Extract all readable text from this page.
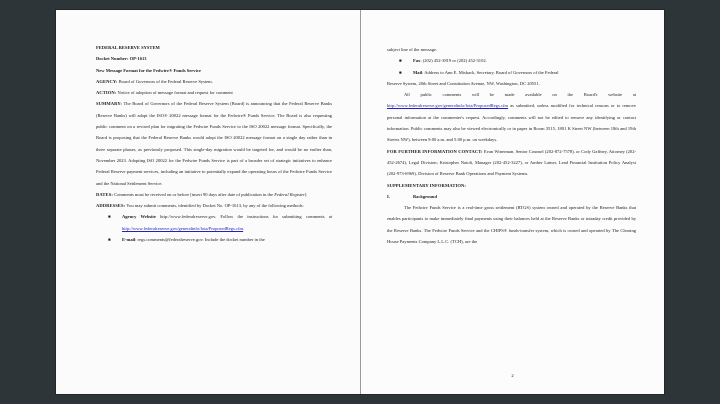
FEDERAL RESERVE SYSTEM

Docket Number: OP-1613

New Message Format for the Fedwire® Funds Service

AGENCY: Board of Governors of the Federal Reserve System.

ACTION: Notice of adoption of message format and request for comment

SUMMARY: The Board of Governors of the Federal Reserve System (Board) is announcing that the Federal Reserve Banks (Reserve Banks) will adopt the ISO® 20022 message format for the Fedwire® Funds Service. The Board is also requesting public comment on a revised plan for migrating the Fedwire Funds Service to the ISO 20022 message format. Specifically, the Board is proposing that the Federal Reserve Banks would adopt the ISO 20022 message format on a single day rather than in three separate phases, as previously proposed. This single-day migration would be targeted for, and would be no earlier than, November 2023. Adopting ISO 20022 for the Fedwire Funds Service is part of a broader set of strategic initiatives to enhance Federal Reserve payment services, including an initiative to potentially expand the operating hours of the Fedwire Funds Service and the National Settlement Service.

DATES: Comments must be received on or before [insert 90 days after date of publication in the Federal Register].

ADDRESSES: You may submit comments, identified by Docket No. OP-1613, by any of the following methods:

■ Agency Website http://www.federalreserve.gov. Follow the instructions for submitting comments at http://www.federalreserve.gov/generalinfo/foia/ProposedRegs.cfm.

■ E-mail: regs.comments@federalreserve.gov. Include the docket number in the

subject line of the message.

■ Fax: (202) 452-3819 or (202) 452-3102.

■ Mail: Address to Ann E. Misback, Secretary, Board of Governors of the Federal

Reserve System, 20th Street and Constitution Avenue, NW, Washington, DC 20551.

All public comments will be made available on the Board's website at http://www.federalreserve.gov/generalinfo/foia/ProposedRegs.cfm as submitted, unless modified for technical reasons or to remove personal information at the commenter's request. Accordingly, comments will not be edited to remove any identifying or contact information. Public comments may also be viewed electronically or in paper in Room 3515, 1801 K Street NW (between 18th and 19th Streets NW), between 9:00 a.m. and 5:00 p.m. on weekdays.

FOR FURTHER INFORMATION CONTACT: Evan Winerman, Senior Counsel (202-872-7578), or Cody Gaffney, Attorney (202-452-2674), Legal Division; Kristopher Natoli, Manager (202-452-3227), or Amber Latner, Lead Financial Institution Policy Analyst (202-973-6969), Division of Reserve Bank Operations and Payment Systems.

SUPPLEMENTARY INFORMATION:

I.	Background

The Fedwire Funds Service is a real-time gross settlement (RTGS) system owned and operated by the Reserve Banks that enables participants to make immediately final payments using their balances held at the Reserve Banks or intraday credit provided by the Reserve Banks. The Fedwire Funds Service and the CHIPS® funds-transfer system, which is owned and operated by The Clearing House Payments Company L.L.C. (TCH), are the

2
